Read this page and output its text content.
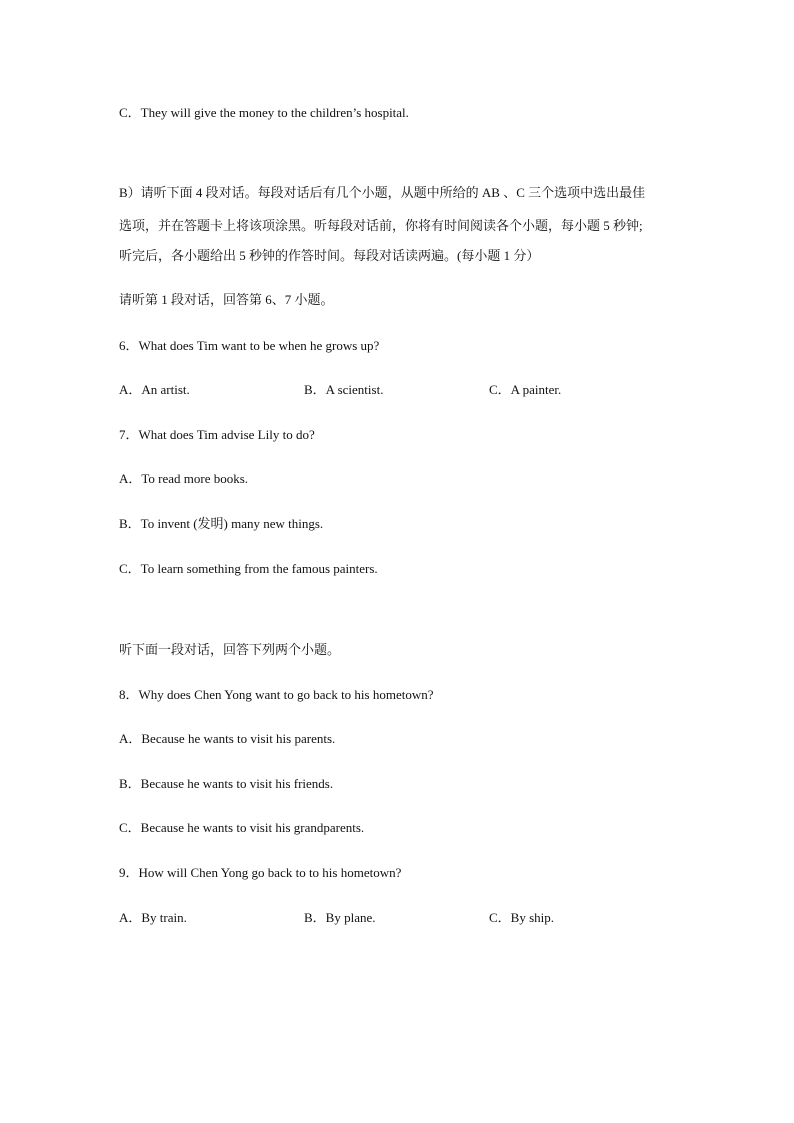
C．They will give the money to the children’s hospital.
B）请听下面 4 段对话。每段对话后有几个小题，从题中所给的 AB 、C 三个选项中选出最佳
选项，并在答题卡上将该项涂黑。听每段对话前，你将有时间阅读各个小题，每小题 5 秒钟;
听完后，各小题给出 5 秒钟的作答时间。每段对话读两遍。(每小题 1 分）
请听第 1 段对话，回答第 6、7 小题。
6．What does Tim want to be when he grows up?
A．An artist.	B．A scientist.	C．A painter.
7．What does Tim advise Lily to do?
A．To read more books.
B．To invent (发明) many new things.
C．To learn something from the famous painters.
听下面一段对话，回答下列两个小题。
8．Why does Chen Yong want to go back to his hometown?
A．Because he wants to visit his parents.
B．Because he wants to visit his friends.
C．Because he wants to visit his grandparents.
9．How will Chen Yong go back to to his hometown?
A．By train.	B．By plane.	C．By ship.
